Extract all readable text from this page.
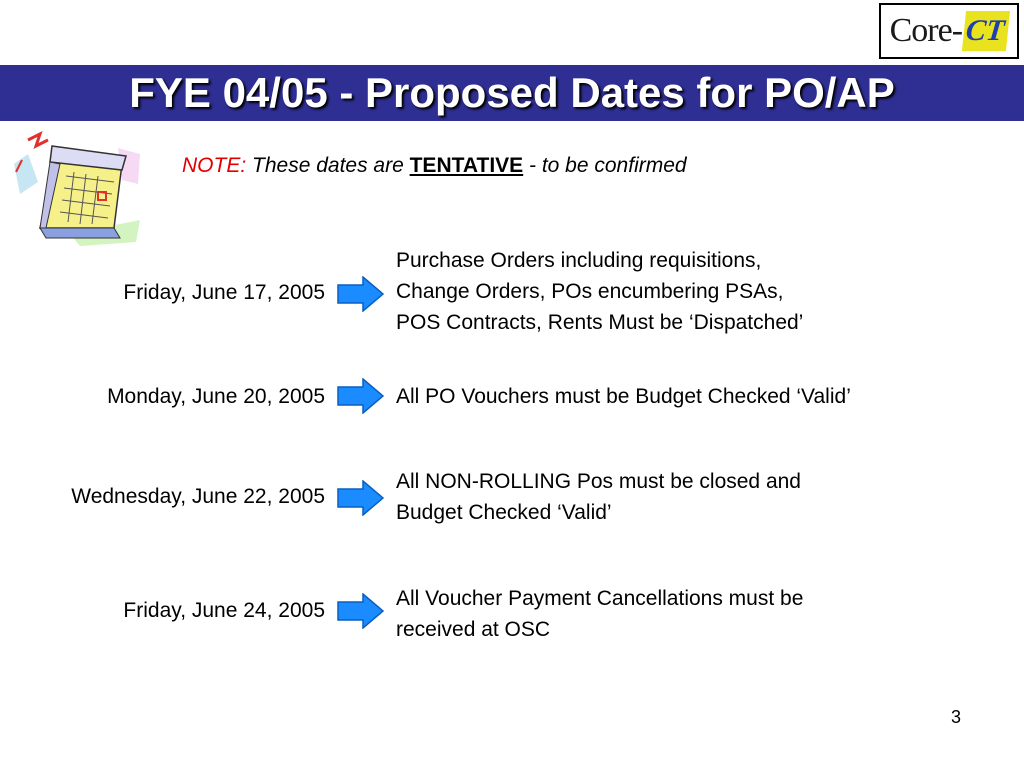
Core - CT
FYE 04/05 - Proposed Dates for PO/AP
NOTE: These dates are TENTATIVE - to be confirmed
Friday, June 17, 2005
Purchase Orders including requisitions,
Change Orders, POs encumbering PSAs,
POS Contracts, Rents Must be ‘Dispatched’
Monday, June 20, 2005	All PO Vouchers must be Budget Checked ‘Valid’
Wednesday, June 22, 2005
All NON-ROLLING Pos must be closed and
Budget Checked ‘Valid’
Friday, June 24, 2005
All Voucher Payment Cancellations must be
received at OSC
3
